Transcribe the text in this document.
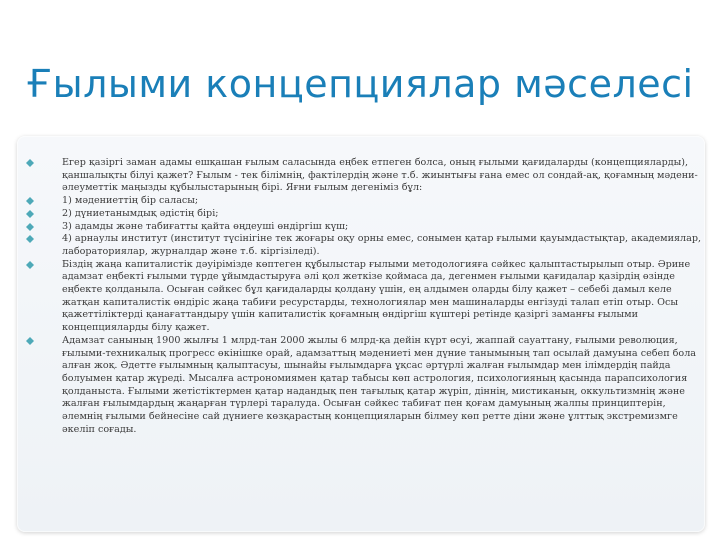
Ғылыми концепциялар мәселесі
Егер қазіргі заман адамы ешқашан ғылым саласында еңбек етпеген болса, оның ғылыми қағидаларды (концепцияларды), қаншалықты білуі қажет? Ғылым - тек білімнің, фактілердің және т.б. жиынтығы ғана емес ол сондай-ақ, қоғамның мәдени-әлеуметтік маңызды құбылыстарының бірі. Яғни ғылым дегеніміз бұл:
1) мәдениеттің бір саласы;
2) дүниетанымдық әдістің бірі;
3) адамды және табиғатты қайта өңдеуші өндіргіш күш;
4) арнаулы институт (институт түсінігіне тек жоғары оқу орны емес, сонымен қатар ғылыми қауымдастықтар, академиялар, лабораториялар, журналдар және т.б. кіргізіледі).
Біздің жаңа капиталистік дәуірімізде көптеген құбылыстар ғылыми методологияға сәйкес қалыптастырылып отыр. Әрине адамзат еңбекті ғылыми түрде ұйымдастыруға әлі қол жеткізе қоймаса да, дегенмен ғылыми қағидалар қазірдің өзінде еңбекте қолданыла. Осыған сәйкес бұл қағидаларды қолдану үшін, ең алдымен оларды білу қажет – себебі дамыл келе жатқан капиталистік өндіріс жаңа табиғи ресурстарды, технологиялар мен машиналарды енгізуді талап етіп отыр. Осы қажеттіліктерді қанағаттандыру үшін капиталистік қоғамның өндіргіш күштері ретінде қазіргі заманғы ғылыми концепцияларды білу қажет.
Адамзат санының 1900 жылғы 1 млрд-тан 2000 жылы 6 млрд-қа дейін күрт өсуі, жаппай сауаттану, ғылыми революция, ғылыми-техникалық прогресс өкінішке орай, адамзаттың мәдениеті мен дүние танымының тап осылай дамуына себеп бола алған жоқ. Әдетте ғылымның қалыптасуы, шынайы ғылымдарға ұқсас әртүрлі жалған ғылымдар мен ілімдердің пайда болуымен қатар жүреді. Мысалға астрономиямен қатар табысы көп астрология, психологияның қасында парапсихология қолданыста. Ғылыми жетістіктермен қатар надандық пен тағылық қатар жүріп, діннің, мистиканың, оккультизмнің және жалған ғылымдардың жаңарған түрлері таралуда. Осыған сәйкес табиғат пен қоғам дамуының жалпы принциптерін, әлемнің ғылыми бейнесіне сай дүниеге көзқарастың концепцияларын білмеу көп ретте діни және ұлттық экстремизмге әкеліп соғады.
